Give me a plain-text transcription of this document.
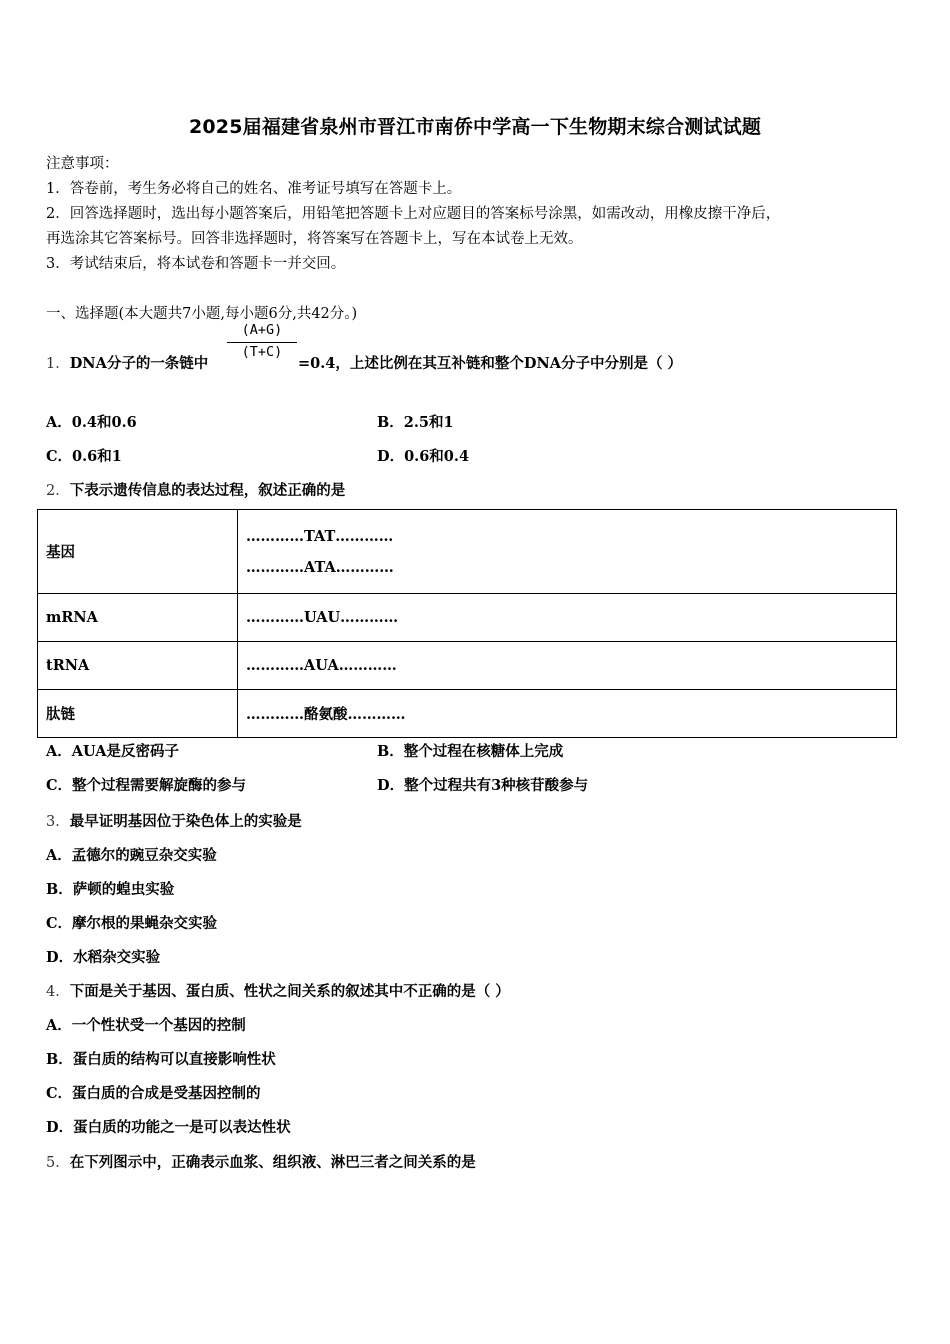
2025届福建省泉州市晋江市南侨中学高一下生物期末综合测试试题
注意事项：
1．答卷前，考生务必将自己的姓名、准考证号填写在答题卡上。
2．回答选择题时，选出每小题答案后，用铅笔把答题卡上对应题目的答案标号涂黑，如需改动，用橡皮擦干净后，
再选涂其它答案标号。回答非选择题时，将答案写在答题卡上，写在本试卷上无效。
3．考试结束后，将本试卷和答题卡一并交回。
一、选择题(本大题共7小题,每小题6分,共42分。)
1．DNA分子的一条链中
(A+G)
(T+C)
=0.4，上述比例在其互补链和整个DNA分子中分别是（ ）
A．0.4和0.6	B．2.5和1
C．0.6和1	D．0.6和0.4
2．下表示遗传信息的表达过程，叙述正确的是
基因	…………TAT…………
…………ATA…………

mRNA	…………UAU…………
tRNA	…………AUA…………
肽链	…………酪氨酸…………
A．AUA是反密码子	B．整个过程在核糖体上完成
C．整个过程需要解旋酶的参与	D．整个过程共有3种核苷酸参与
3．最早证明基因位于染色体上的实验是
A．孟德尔的豌豆杂交实验
B．萨顿的蝗虫实验
C．摩尔根的果蝇杂交实验
D．水稻杂交实验
4．下面是关于基因、蛋白质、性状之间关系的叙述其中不正确的是（ ）
A．一个性状受一个基因的控制
B．蛋白质的结构可以直接影响性状
C．蛋白质的合成是受基因控制的
D．蛋白质的功能之一是可以表达性状
5．在下列图示中，正确表示血浆、组织液、淋巴三者之间关系的是
